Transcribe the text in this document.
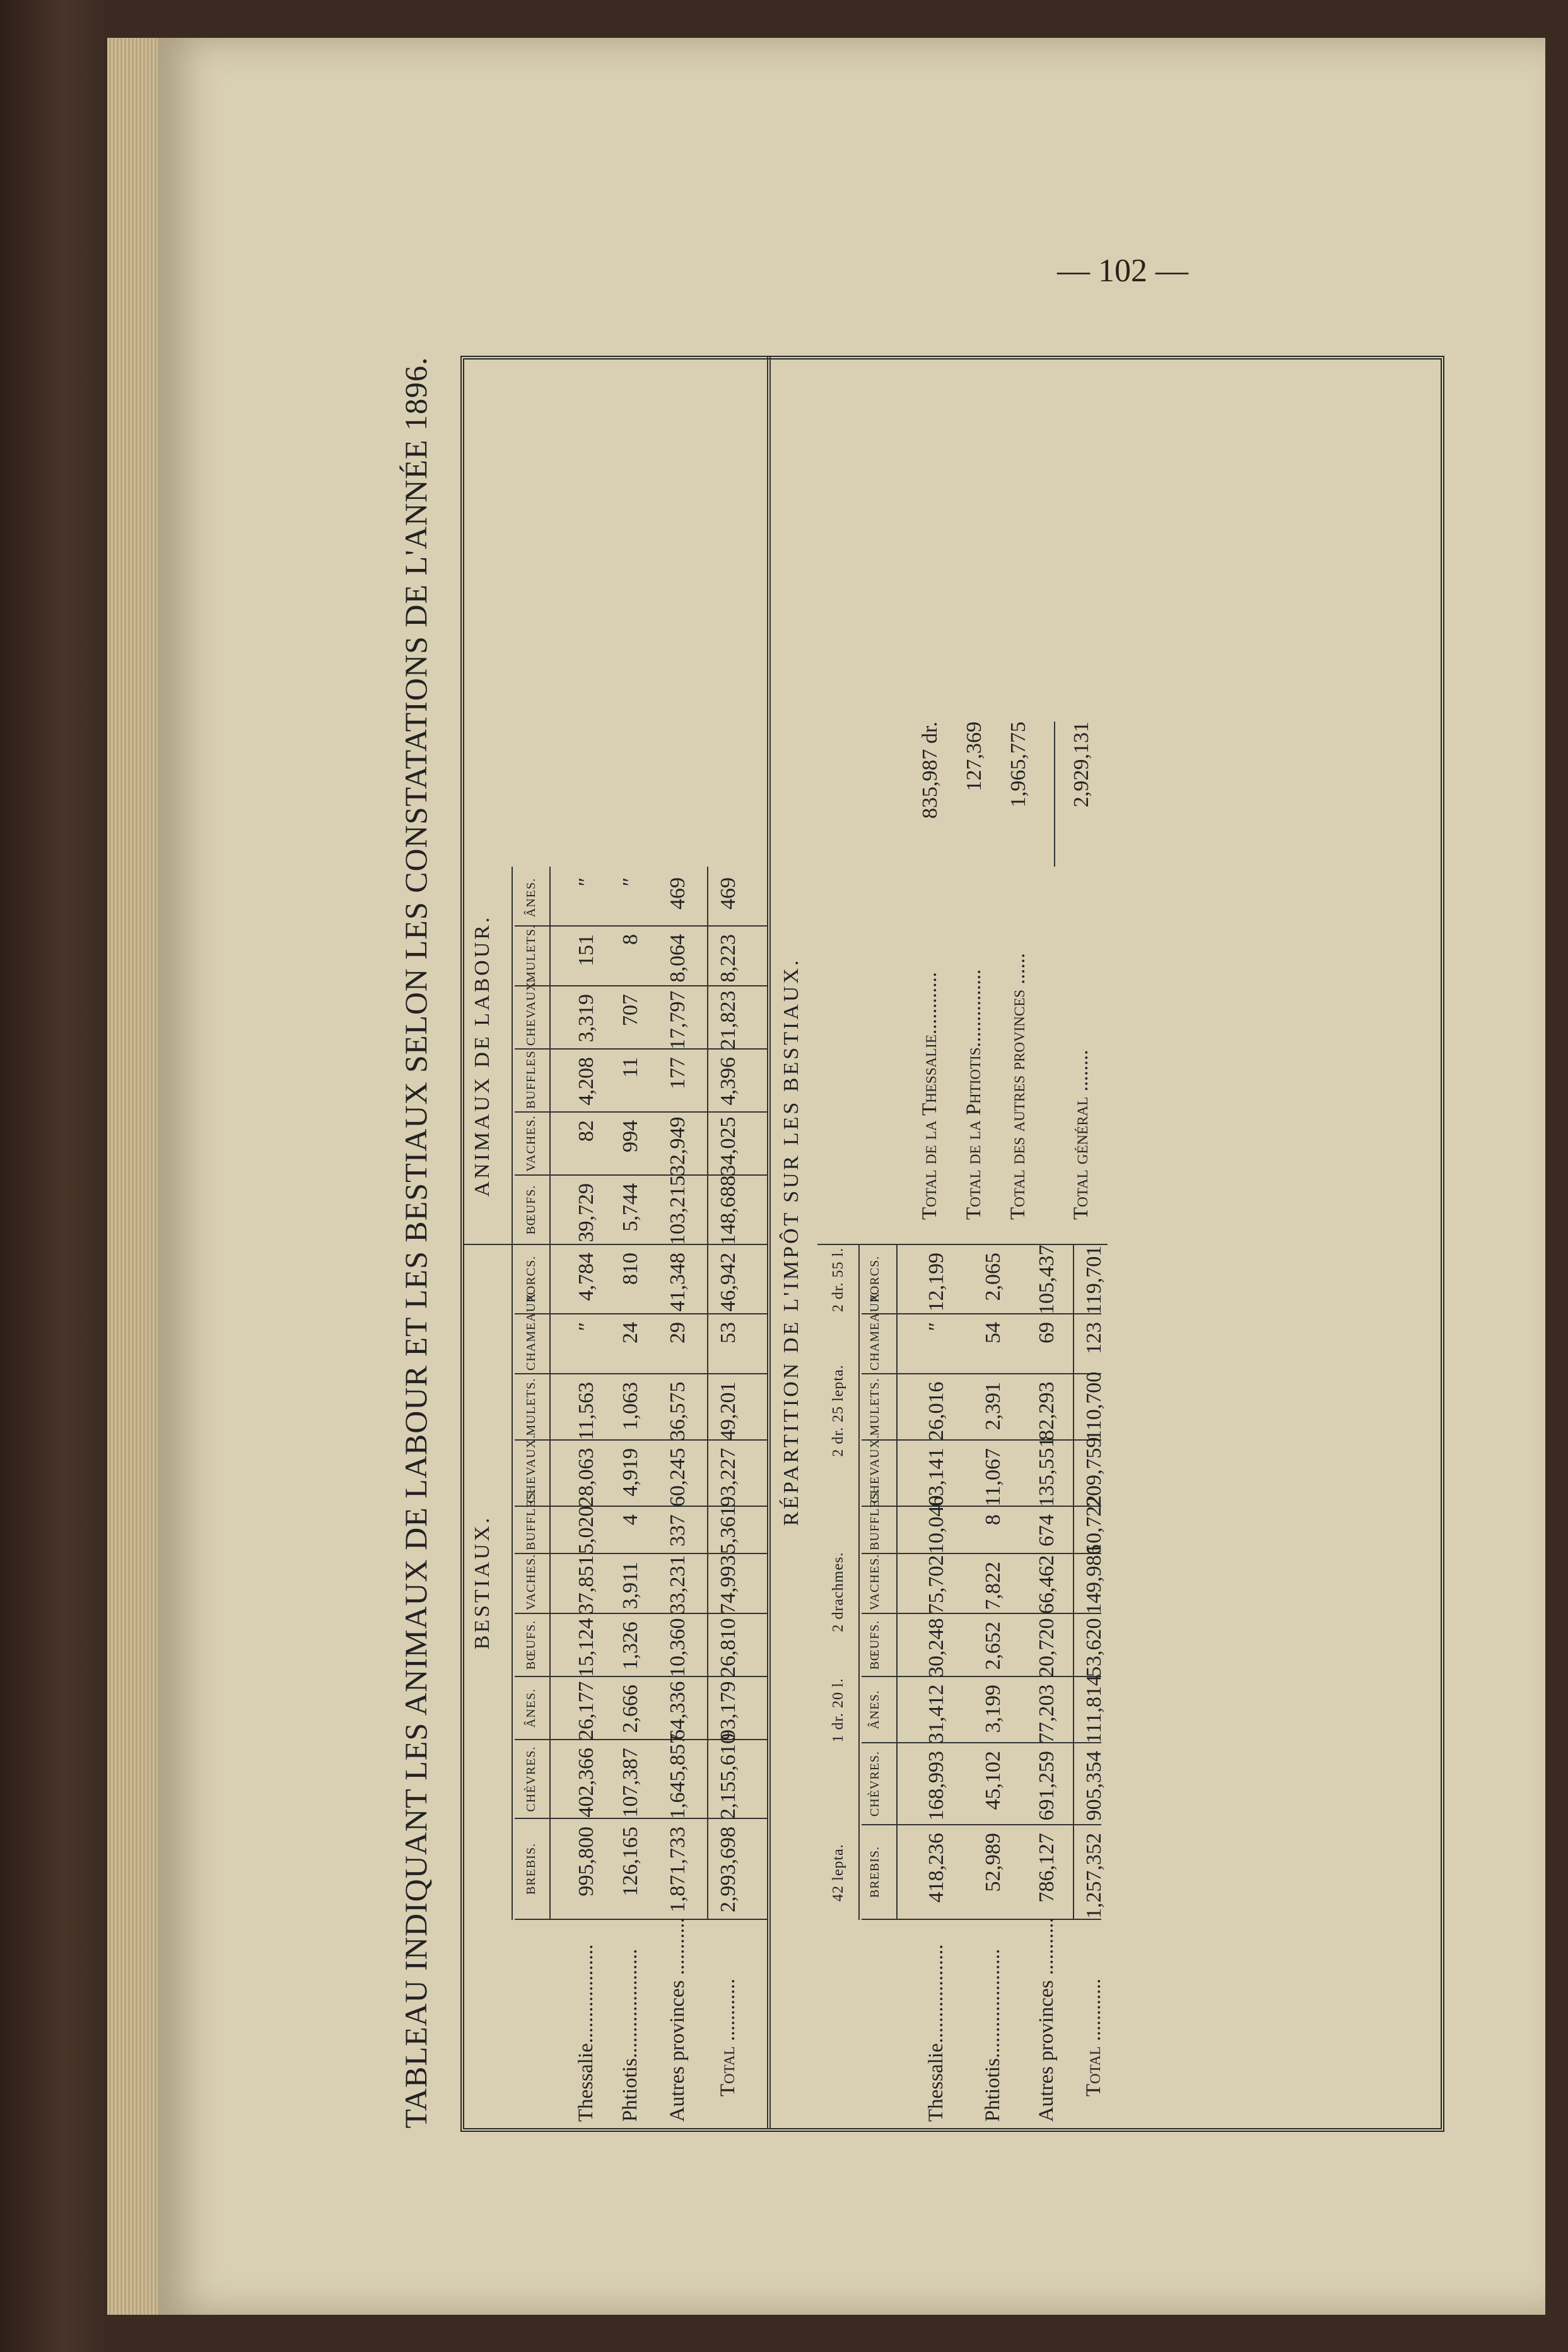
— 102 —
TABLEAU INDIQUANT LES ANIMAUX DE LABOUR ET LES BESTIAUX SELON LES CONSTATATIONS DE L'ANNÉE 1896. BESTIAUX.
ANIMAUX DE LABOUR.
BREBIS.
CHÈVRES.
ÂNES.
BŒUFS.
VACHES.
BUFFLES.
CHEVAUX.
MULETS.
CHAMEAUX.
PORCS.
BŒUFS.
VACHES.
BUFFLES.
CHEVAUX.
MULETS.
ÂNES.
Thessalie...................
995,800
402,366
26,177
15,124
37,851
5,020
28,063
11,563
″
4,784
39,729
82
4,208
3,319
151
″
Phtiotis.....................
126,165
107,387
2,666
1,326
3,911
4
4,919
1,063
24
810
5,744
994
11
707
8
″
Autres provinces ...........
1,871,733
1,645,857
64,336
10,360
33,231
337
60,245
36,575
29
41,348
103,215
32,949
177
17,797
8,064
469
Total ............
2,993,698
2,155,610
93,179
26,810
74,993
5,361
93,227
49,201
53
46,942
148,688
34,025
4,396
21,823
8,223
469
RÉPARTITION DE L'IMPÔT SUR LES BESTIAUX.
42 lepta.
1 dr. 20 l.
2 drachmes.
2 dr. 25 lepta.
2 dr. 55 l.
BREBIS.
CHÈVRES.
ÂNES.
BŒUFS.
VACHES.
BUFFLES.
CHEVAUX.
MULETS.
CHAMEAUX.
PORCS.
Thessalie...................
418,236
168,993
31,412
30,248
75,702
10,040
63,141
26,016
″
12,199
Phtiotis.....................
52,989
45,102
3,199
2,652
7,822
8
11,067
2,391
54
2,065
Autres provinces ...........
786,127
691,259
77,203
20,720
66,462
674
135,551
82,293
69
105,437
Total ............
1,257,352
905,354
111,814
53,620
149,986
10,722
209,759
110,700
123
119,701
Total de la Thessalie............
835,987 dr.
Total de la Phtiotis...............
127,369
Total des autres provinces ......
1,965,775
Total général ........
2,929,131
